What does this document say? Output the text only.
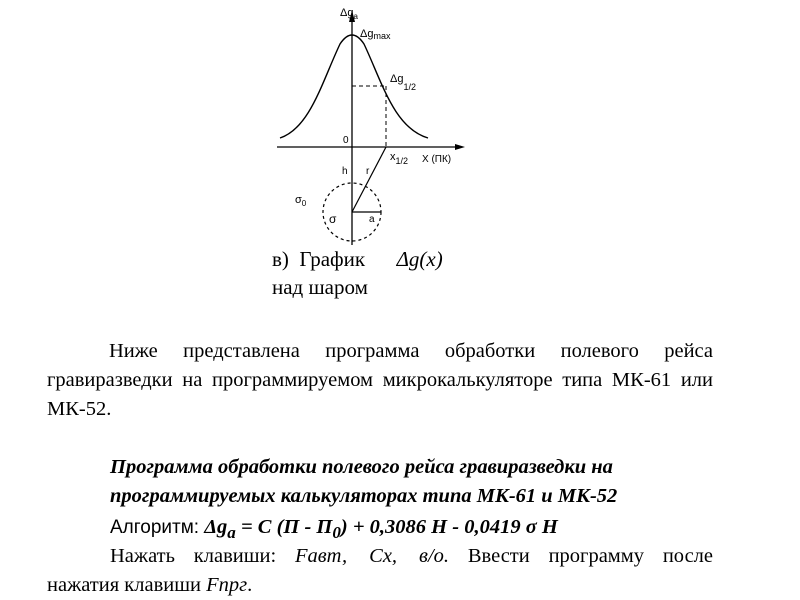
$\Delta g_a$
Δgmax
$\Delta g_{1/2}$
0
$x_{1/2}$ X (ПК)
h r
$\sigma_0$
σ	a
в)  График Δg(x)
над шаром
Ниже представлена программа обработки полевого рейса гравиразведки на программируемом микрокалькуляторе типа МК-61 или МК-52.
Программа обработки полевого рейса гравиразведки на
программируемых калькуляторах типа МК-61 и МК-52
Алгоритм: $\Delta g_a = C$ $(П - П_0) + 0,3086$ H - 0,0419 σ H
Нажать клавиши: Fавт, Сх, в/о. Ввести программу после нажатия клавиши Fпрг.
